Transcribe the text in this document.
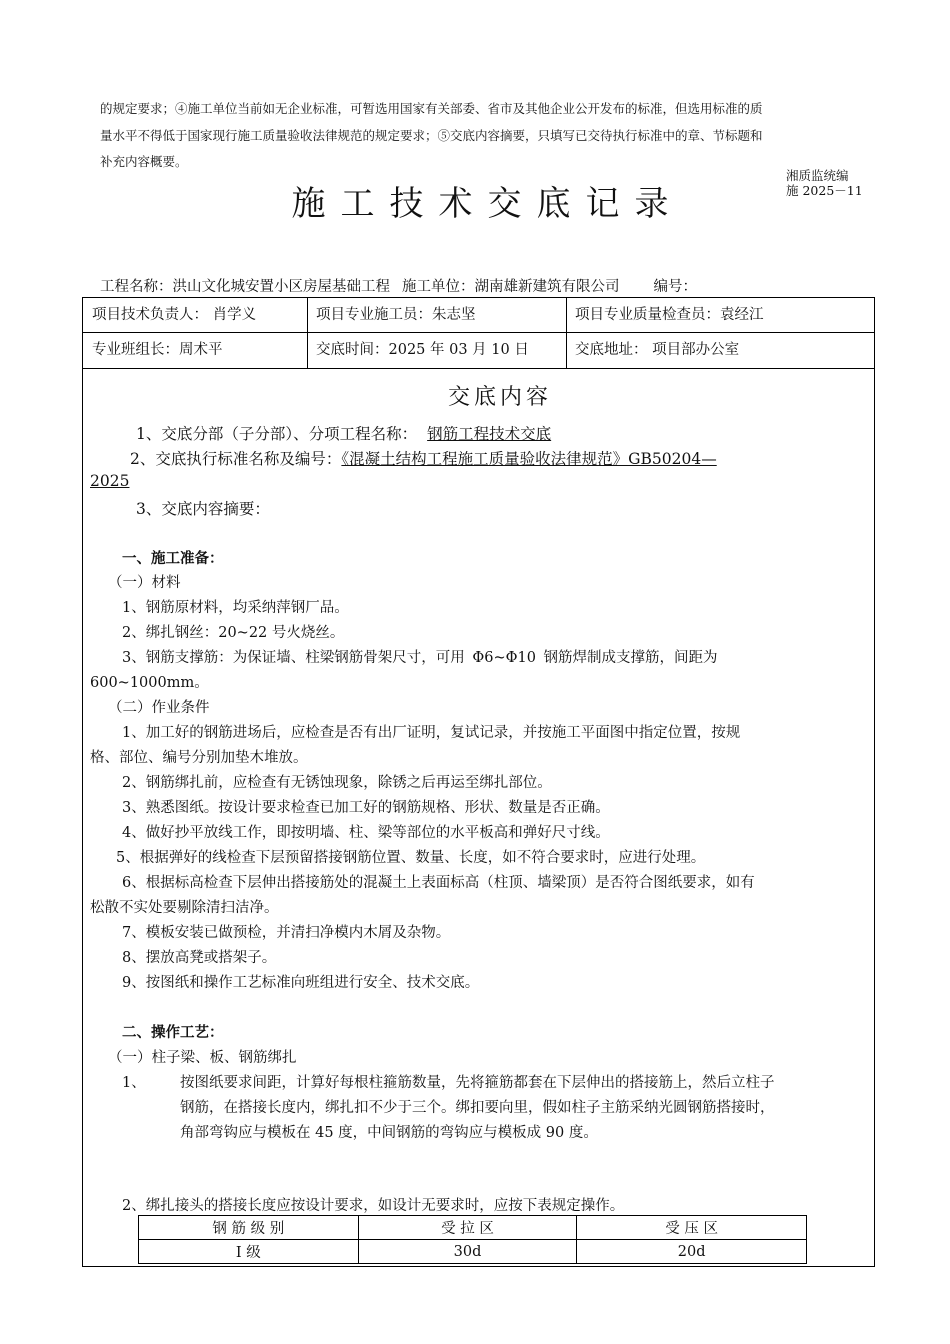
的规定要求；④施工单位当前如无企业标准，可暂选用国家有关部委、省市及其他企业公开发布的标准，但选用标准的质
量水平不得低于国家现行施工质量验收法律规范的规定要求；⑤交底内容摘要，只填写已交待执行标准中的章、节标题和
补充内容概要。
湘质监统编
施 2025－11
施工技术交底记录
工程名称：洪山文化城安置小区房屋基础工程 施工单位：湖南雄新建筑有限公司 编号：
项目技术负责人： 肖学义	项目专业施工员：朱志坚	项目专业质量检查员：袁经江
专业班组长：周术平	交底时间：2025 年 03 月 10 日	交底地址： 项目部办公室
交底内容
1、交底分部（子分部）、分项工程名称： 钢筋工程技术交底
2、交底执行标准名称及编号：《混凝土结构工程施工质量验收法律规范》GB50204—
2025
3、交底内容摘要：
一、施工准备：
（一）材料
1、钢筋原材料，均采纳萍钢厂品。
2、绑扎钢丝：20~22 号火烧丝。
3、钢筋支撑筋：为保证墙、柱梁钢筋骨架尺寸，可用 Φ6~Φ10 钢筋焊制成支撑筋，间距为
600~1000mm。
（二）作业条件
1、加工好的钢筋进场后，应检查是否有出厂证明，复试记录，并按施工平面图中指定位置，按规
格、部位、编号分别加垫木堆放。
2、钢筋绑扎前，应检查有无锈蚀现象，除锈之后再运至绑扎部位。
3、熟悉图纸。按设计要求检查已加工好的钢筋规格、形状、数量是否正确。
4、做好抄平放线工作，即按明墙、柱、梁等部位的水平板高和弹好尺寸线。
5、根据弹好的线检查下层预留搭接钢筋位置、数量、长度，如不符合要求时，应进行处理。
6、根据标高检查下层伸出搭接筋处的混凝土上表面标高（柱顶、墙梁顶）是否符合图纸要求，如有
松散不实处要剔除清扫洁净。
7、模板安装已做预检，并清扫净模内木屑及杂物。
8、摆放高凳或搭架子。
9、按图纸和操作工艺标准向班组进行安全、技术交底。
二、操作工艺：
（一）柱子梁、板、钢筋绑扎
1、 按图纸要求间距，计算好每根柱箍筋数量，先将箍筋都套在下层伸出的搭接筋上，然后立柱子
钢筋，在搭接长度内，绑扎扣不少于三个。绑扣要向里，假如柱子主筋采纳光圆钢筋搭接时，
角部弯钩应与模板在 45 度，中间钢筋的弯钩应与模板成 90 度。
2、绑扎接头的搭接长度应按设计要求，如设计无要求时，应按下表规定操作。
钢 筋 级 别	受 拉 区	受 压 区
Ⅰ 级	30d	20d
